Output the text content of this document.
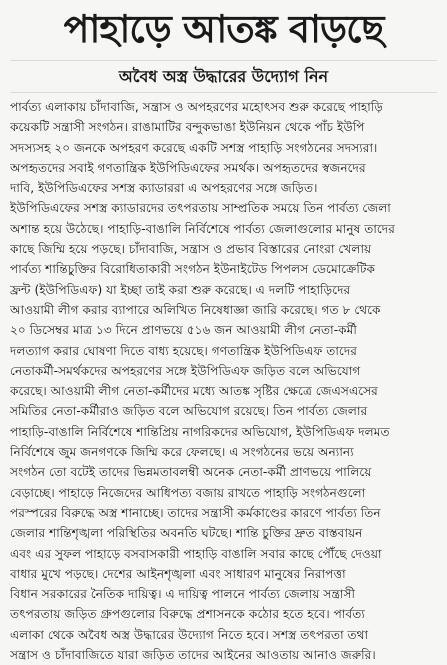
পাহাড়ে আতঙ্ক বাড়ছে
অবৈধ অস্ত্র উদ্ধারের উদ্যোগ নিন
পার্বত্য এলাকায় চাঁদাবাজি, সন্ত্রাস ও অপহরণের মহোৎসব শুরু করেছে পাহাড়ি
কয়েকটি সন্ত্রাসী সংগঠন। রাঙামাটির বন্দুকভাঙা ইউনিয়ন থেকে পাঁচ ইউপি
সদস্যসহ ২০ জনকে অপহরণ করেছে একটি সশস্ত্র পাহাড়ি সংগঠনের সদস্যরা।
অপহৃতদের সবাই গণতান্ত্রিক ইউপিডিএফের সমর্থক। অপহৃতদের স্বজনদের
দাবি, ইউপিডিএফের সশস্ত্র ক্যাডাররা এ অপহরণের সঙ্গে জড়িত।
ইউপিডিএফের সশস্ত্র ক্যাডারদের তৎপরতায় সাম্প্রতিক সময়ে তিন পার্বত্য জেলা
অশান্ত হয়ে উঠেছে। পাহাড়ি-বাঙালি নির্বিশেষে পার্বত্য জেলাগুলোর মানুষ তাদের
কাছে জিম্মি হয়ে পড়ছে। চাঁদাবাজি, সন্ত্রাস ও প্রভাব বিস্তারের নোংরা খেলায়
পার্বত্য শান্তিচুক্তির বিরোধিতাকারী সংগঠন ইউনাইটেড পিপলস ডেমোক্রেটিক
ফ্রন্ট (ইউপিডিএফ) যা ইচ্ছা তাই করা শুরু করেছে। এ দলটি পাহাড়িদের
আওয়ামী লীগ করার ব্যাপারে অলিখিত নিষেধাজ্ঞা জারি করেছে। গত ৮ থেকে
২০ ডিসেম্বর মাত্র ১৩ দিনে প্রাণভয়ে ৫১৬ জন আওয়ামী লীগ নেতা-কর্মী
দলত্যাগ করার ঘোষণা দিতে বাধ্য হয়েছে। গণতান্ত্রিক ইউপিডিএফ তাদের
নেতাকর্মী-সমর্থকদের অপহরণের সঙ্গে ইউপিডিএফ জড়িত বলে অভিযোগ
করেছে। আওয়ামী লীগ নেতা-কর্মীদের মধ্যে আতঙ্ক সৃষ্টির ক্ষেত্রে জেএসএসের
সমিতির নেতা-কর্মীরাও জড়িত বলে অভিযোগ রয়েছে। তিন পার্বত্য জেলার
পাহাড়ি-বাঙালি নির্বিশেষে শান্তিপ্রিয় নাগরিকদের অভিযোগ, ইউপিডিএফ দলমত
নির্বিশেষে জুম জনগণকে জিম্মি করে ফেলছে। এ সংগঠনের ভয়ে অন্যান্য
সংগঠন তো বটেই তাদের ভিন্নমতাবলম্বী অনেক নেতা-কর্মী প্রাণভয়ে পালিয়ে
বেড়াচ্ছে। পাহাড়ে নিজেদের আধিপত্য বজায় রাখতে পাহাড়ি সংগঠনগুলো
পরস্পরের বিরুদ্ধে অস্ত্র শানাচ্ছে। তাদের সন্ত্রাসী কর্মকাণ্ডের কারণে পার্বত্য তিন
জেলার শান্তিশৃঙ্খলা পরিস্থিতির অবনতি ঘটছে। শান্তি চুক্তির দ্রুত বাস্তবায়ন
এবং এর সুফল পাহাড়ে বসবাসকারী পাহাড়ি বাঙালি সবার কাছে পৌঁছে দেওয়া
বাধার মুখে পড়ছে। দেশের আইনশৃঙ্খলা এবং সাধারণ মানুষের নিরাপত্তা
বিধান সরকারের নৈতিক দায়িত্ব। এ দায়িত্ব পালনে পার্বত্য জেলায় সন্ত্রাসী
তৎপরতায় জড়িত গ্রুপগুলোর বিরুদ্ধে প্রশাসনকে কঠোর হতে হবে। পার্বত্য
এলাকা থেকে অবৈধ অস্ত্র উদ্ধারের উদ্যোগ নিতে হবে। সশস্ত্র তৎপরতা তথা
সন্ত্রাস ও চাঁদাবাজিতে যারা জড়িত তাদের আইনের আওতায় আনাও জরুরি।
